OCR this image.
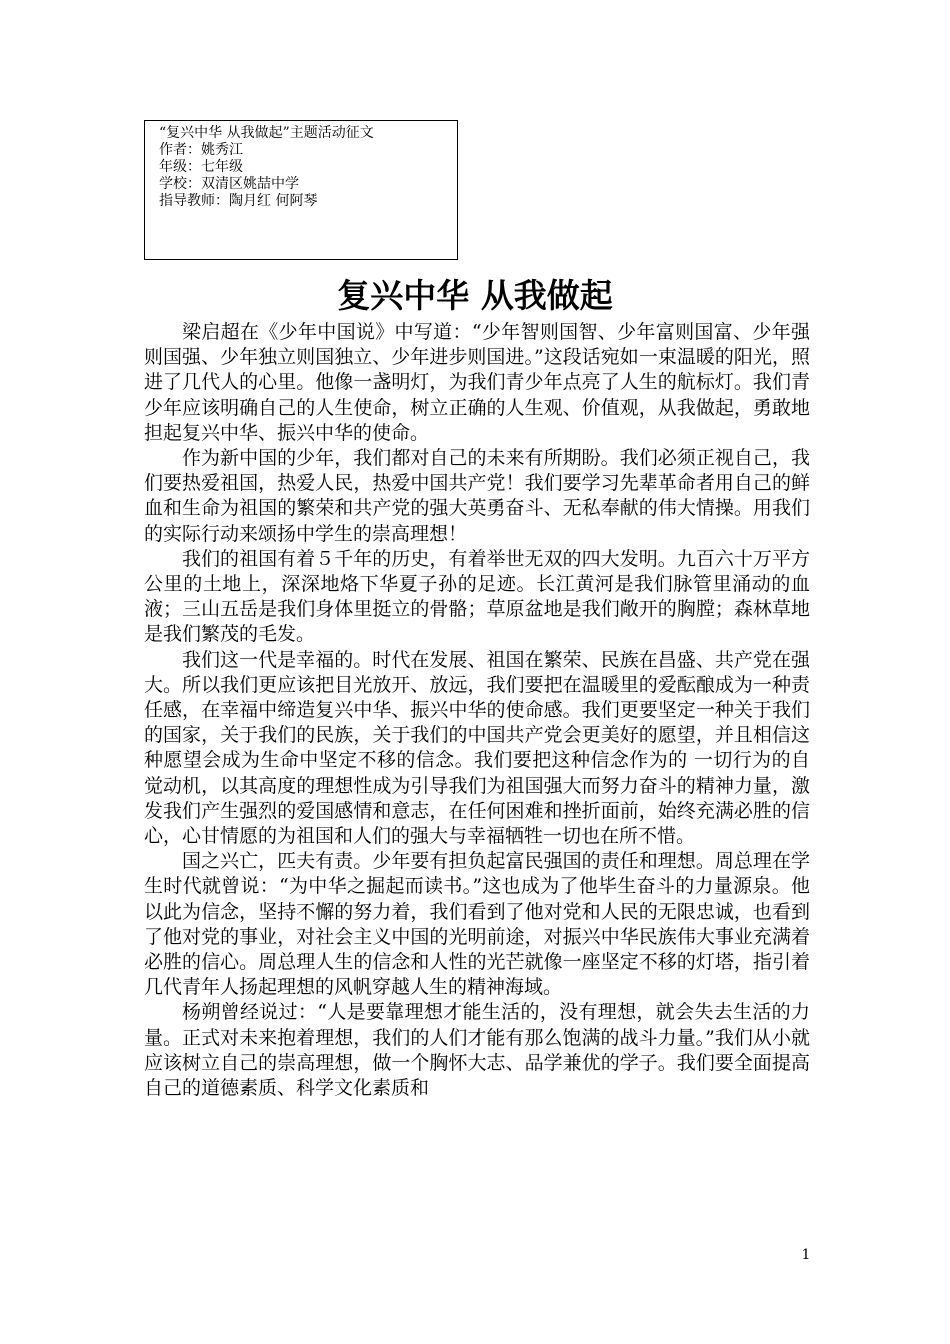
“复兴中华 从我做起”主题活动征文
作者：姚秀江
年级：七年级
学校：双清区姚喆中学
指导教师：陶月红 何阿琴
复兴中华 从我做起

梁启超在《少年中国说》中写道：“少年智则国智、少年富则国富、少年强则国强、少年独立则国独立、少年进步则国进。”这段话宛如一束温暖的阳光，照进了几代人的心里。他像一盏明灯，为我们青少年点亮了人生的航标灯。我们青少年应该明确自己的人生使命，树立正确的人生观、价值观，从我做起，勇敢地担起复兴中华、振兴中华的使命。

作为新中国的少年，我们都对自己的未来有所期盼。我们必须正视自己，我们要热爱祖国，热爱人民，热爱中国共产党！我们要学习先辈革命者用自己的鲜血和生命为祖国的繁荣和共产党的强大英勇奋斗、无私奉献的伟大情操。用我们的实际行动来颂扬中学生的崇高理想！

我们的祖国有着５千年的历史，有着举世无双的四大发明。九百六十万平方公里的土地上，深深地烙下华夏子孙的足迹。长江黄河是我们脉管里涌动的血液；三山五岳是我们身体里挺立的骨骼；草原盆地是我们敞开的胸膛；森林草地是我们繁茂的毛发。

我们这一代是幸福的。时代在发展、祖国在繁荣、民族在昌盛、共产党在强大。所以我们更应该把目光放开、放远，我们要把在温暖里的爱酝酿成为一种责任感，在幸福中缔造复兴中华、振兴中华的使命感。我们更要坚定一种关于我们的国家，关于我们的民族，关于我们的中国共产党会更美好的愿望，并且相信这种愿望会成为生命中坚定不移的信念。我们要把这种信念作为的 一切行为的自觉动机，以其高度的理想性成为引导我们为祖国强大而努力奋斗的精神力量，激 发我们产生强烈的爱国感情和意志，在任何困难和挫折面前，始终充满必胜的信心，心甘情愿的为祖国和人们的强大与幸福牺牲一切也在所不惜。

国之兴亡，匹夫有责。少年要有担负起富民强国的责任和理想。周总理在学生时代就曾说：“为中华之掘起而读书。”这也成为了他毕生奋斗的力量源泉。他以此为信念，坚持不懈的努力着，我们看到了他对党和人民的无限忠诚，也看到了他对党的事业，对社会主义中国的光明前途，对振兴中华民族伟大事业充满着必胜的信心。周总理人生的信念和人性的光芒就像一座坚定不移的灯塔，指引着几代青年人扬起理想的风帆穿越人生的精神海域。

杨朔曾经说过：“人是要靠理想才能生活的，没有理想，就会失去生活的力量。正式对未来抱着理想，我们的人们才能有那么饱满的战斗力量。”我们从小就应该树立自己的崇高理想，做一个胸怀大志、品学兼优的学子。我们要全面提高自己的道德素质、科学文化素质和

1
